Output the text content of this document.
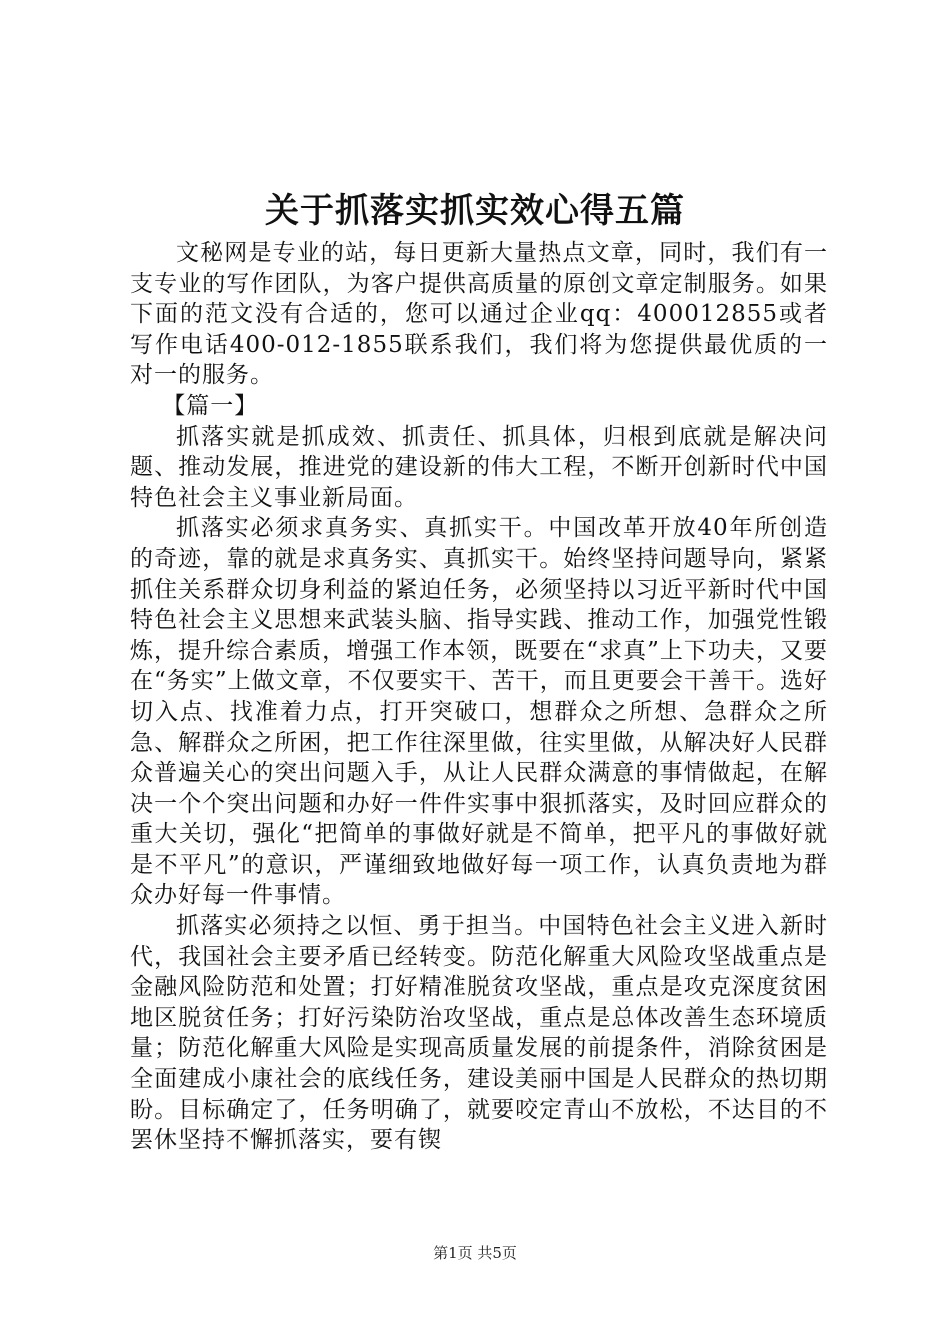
关于抓落实抓实效心得五篇

文秘网是专业的站，每日更新大量热点文章，同时，我们有一支专业的写作团队，为客户提供高质量的原创文章定制服务。如果下面的范文没有合适的，您可以通过企业qq：400012855或者写作电话400-012-1855联系我们，我们将为您提供最优质的一对一的服务。

【篇一】

抓落实就是抓成效、抓责任、抓具体，归根到底就是解决问题、推动发展，推进党的建设新的伟大工程，不断开创新时代中国特色社会主义事业新局面。

抓落实必须求真务实、真抓实干。中国改革开放40年所创造的奇迹，靠的就是求真务实、真抓实干。始终坚持问题导向，紧紧抓住关系群众切身利益的紧迫任务，必须坚持以习近平新时代中国特色社会主义思想来武装头脑、指导实践、推动工作，加强党性锻炼，提升综合素质，增强工作本领，既要在“求真”上下功夫，又要在“务实”上做文章，不仅要实干、苦干，而且更要会干善干。选好切入点、找准着力点，打开突破口，想群众之所想、急群众之所急、解群众之所困，把工作往深里做，往实里做，从解决好人民群众普遍关心的突出问题入手，从让人民群众满意的事情做起，在解决一个个突出问题和办好一件件实事中狠抓落实，及时回应群众的重大关切，强化“把简单的事做好就是不简单，把平凡的事做好就是不平凡”的意识，严谨细致地做好每一项工作，认真负责地为群众办好每一件事情。

抓落实必须持之以恒、勇于担当。中国特色社会主义进入新时代，我国社会主要矛盾已经转变。防范化解重大风险攻坚战重点是金融风险防范和处置；打好精准脱贫攻坚战，重点是攻克深度贫困地区脱贫任务；打好污染防治攻坚战，重点是总体改善生态环境质量；防范化解重大风险是实现高质量发展的前提条件，消除贫困是全面建成小康社会的底线任务，建设美丽中国是人民群众的热切期盼。目标确定了，任务明确了，就要咬定青山不放松，不达目的不罢休坚持不懈抓落实，要有锲

第1页 共5页
